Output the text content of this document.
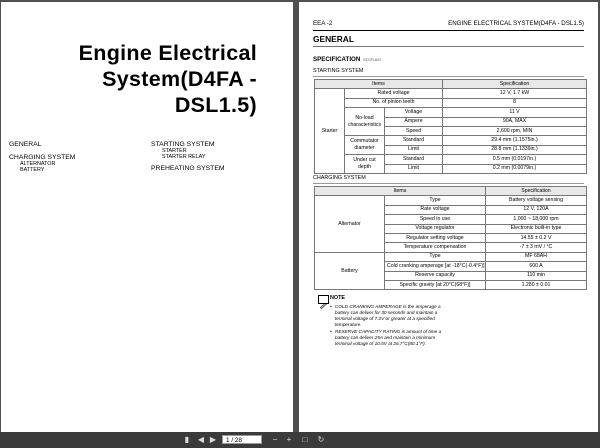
Engine Electrical
System(D4FA -
DSL1.5)
GENERAL
CHARGING SYSTEM
ALTERNATOR
BATTERY
STARTING SYSTEM
STARTER
STARTER RELAY
PREHEATING SYSTEM
EEA -2	ENGINE ELECTRICAL SYSTEM(D4FA - DSL1.5)
GENERAL
SPECIFICATION EEGF1A02
STARTING SYSTEM
Items			Specification
Starter	Rated voltage		12 V, 1.7 kW
	No. of pinion teeth		8
	No-load characteristics	Voltage	11 V
		Ampere	90A, MAX
		Speed	2,600 rpm, MIN
	Commutator diameter	Standard	29.4 mm (1.1575in.)
		Limit	28.8 mm (1.1339in.)
	Under cut depth	Standard	0.5 mm (0.0197in.)
		Limit	0.2 mm (0.0079in.)
CHARGING SYSTEM
Items		Specification
Alternator	Type	Battery voltage sensing
	Rate voltage	12 V, 120A
	Speed in use	1,000 ~ 18,000 rpm
	Voltage regulator	Electronic built-in type
	Regulator setting voltage	14.55 ± 0.2 V
	Temperature compensation	-7 ± 3 mV / °C
Battery	Type	MF 68AH
	Cold cranking amperage [at -18°C(-0.4°F)]	600 A
	Reserve capacity	110 min
	Specific gravity [at 20°C(68°F)]	1.280 ± 0.01
NOTE
• COLD CRANKING AMPERAGE is the amperage a battery can deliver for 30 seconds and maintain a terminal voltage of 7.2V or greater at a specified temperature.
• RESERVE CAPACITY RATING is amount of time a battery can deliver 25A and maintain a minimum terminal voltage of 10.5V at 26.7°C(80.1°F).
▮	◀ ▶	1 / 28	−	+	□	↻
